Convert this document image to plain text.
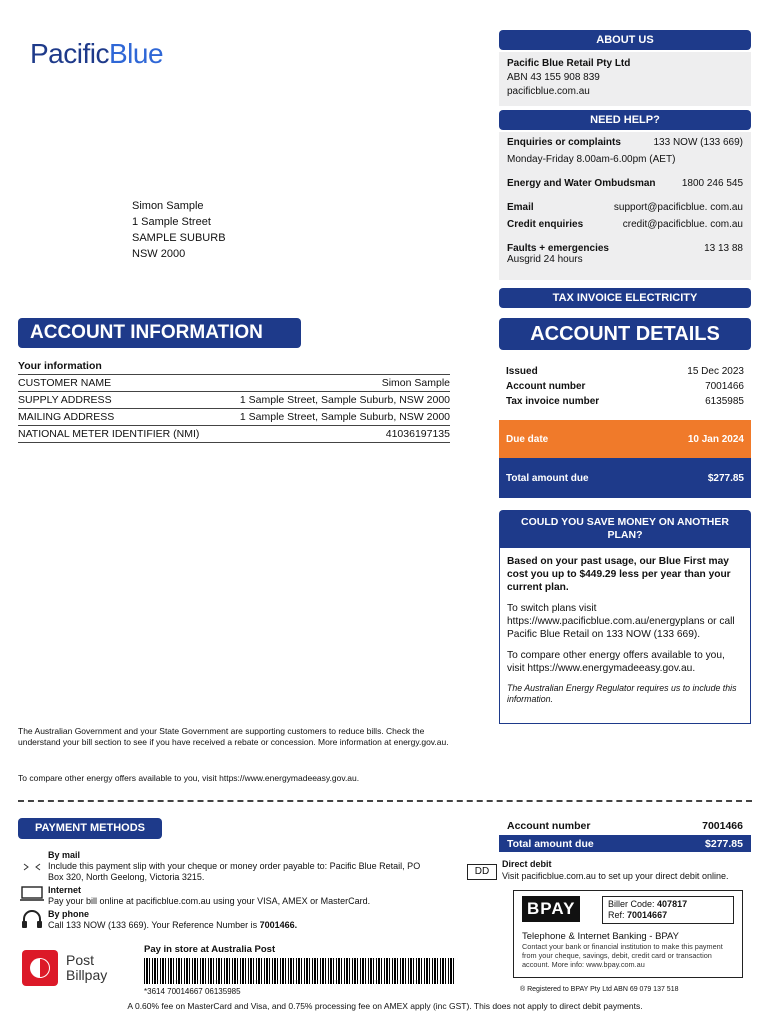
PacificBlue	ABOUT US
Pacific Blue Retail Pty Ltd
ABN 43 155 908 839
pacificblue.com.au
NEED HELP?
Enquiries or complaints	133 NOW (133 669)
Monday-Friday 8.00am-6.00pm (AET)
Energy and Water Ombudsman	1800 246 545
Email	support@pacificblue. com.au
Credit enquiries	credit@pacificblue. com.au
Faults + emergencies	13 13 88
Ausgrid 24 hours
Simon Sample
1 Sample Street
SAMPLE SUBURB
NSW 2000
TAX INVOICE ELECTRICITY
ACCOUNT INFORMATION
Your information
CUSTOMER NAME	Simon Sample
SUPPLY ADDRESS	1 Sample Street, Sample Suburb, NSW 2000
MAILING ADDRESS	1 Sample Street, Sample Suburb, NSW 2000
NATIONAL METER IDENTIFIER (NMI)	41036197135
ACCOUNT DETAILS
Issued	15 Dec 2023
Account number	7001466
Tax invoice number	6135985
Due date	10 Jan 2024
Total amount due	$277.85
COULD YOU SAVE MONEY ON ANOTHER PLAN?
Based on your past usage, our Blue First may cost you up to $449.29 less per year than your current plan.
To switch plans visit https://www.pacificblue.com.au/energyplans or call Pacific Blue Retail on 133 NOW (133 669).
To compare other energy offers available to you, visit https://www.energymadeeasy.gov.au.
The Australian Energy Regulator requires us to include this information.
The Australian Government and your State Government are supporting customers to reduce bills. Check the understand your bill section to see if you have received a rebate or concession. More information at energy.gov.au.
To compare other energy offers available to you, visit https://www.energymadeeasy.gov.au.
PAYMENT METHODS
By mail
Include this payment slip with your cheque or money order payable to: Pacific Blue Retail, PO Box 320, North Geelong, Victoria 3215.
Internet
Pay your bill online at pacificblue.com.au using your VISA, AMEX or MasterCard.
By phone
Call 133 NOW (133 669). Your Reference Number is 7001466.
Pay in store at Australia Post
Post
Billpay
*3614 70014667 06135985
Account number	7001466
Total amount due	$277.85
DD
Direct debit
Visit pacificblue.com.au to set up your direct debit online.
BPAY	Biller Code: 407817
Ref: 70014667
Telephone & Internet Banking - BPAY
Contact your bank or financial institution to make this payment from your cheque, savings, debit, credit card or transaction account. More info: www.bpay.com.au
® Registered to BPAY Pty Ltd ABN 69 079 137 518
A 0.60% fee on MasterCard and Visa, and 0.75% processing fee on AMEX apply (inc GST). This does not apply to direct debit payments.
